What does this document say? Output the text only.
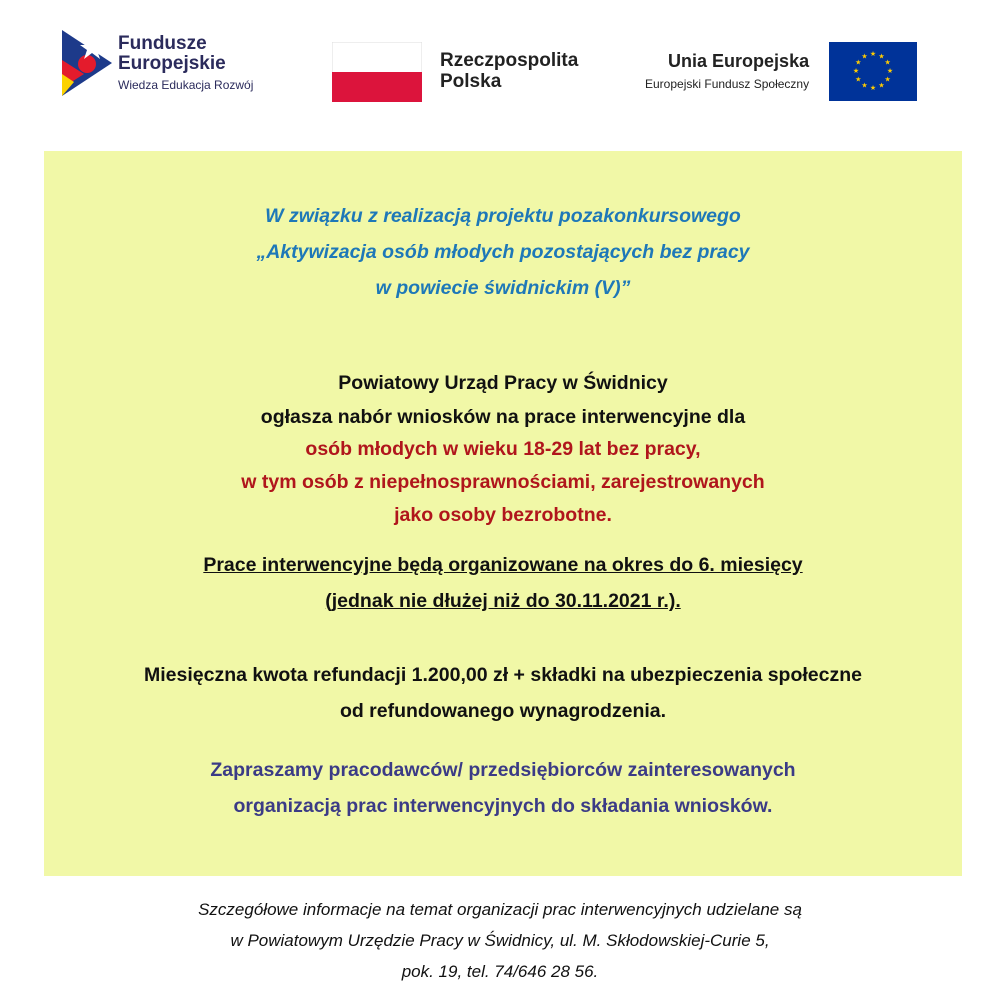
Fundusze
Europejskie
Wiedza Edukacja Rozwój
Rzeczpospolita
Polska
Unia Europejska
Europejski Fundusz Społeczny
★ ★
★
★
★
★
★
★
★
★
★
★
W związku z realizacją projektu pozakonkursowego
„Aktywizacja osób młodych pozostających bez pracy
w powiecie świdnickim (V)”
Powiatowy Urząd Pracy w Świdnicy
ogłasza nabór wniosków na prace interwencyjne dla
osób młodych w wieku 18-29 lat bez pracy,
w tym osób z niepełnosprawnościami, zarejestrowanych
jako osoby bezrobotne.
Prace interwencyjne będą organizowane na okres do 6. miesięcy
(jednak nie dłużej niż do 30.11.2021 r.).
Miesięczna kwota refundacji 1.200,00 zł + składki na ubezpieczenia społeczne
od refundowanego wynagrodzenia.
Zapraszamy pracodawców/ przedsiębiorców zainteresowanych
organizacją prac interwencyjnych do składania wniosków.
Szczegółowe informacje na temat organizacji prac interwencyjnych udzielane są
w Powiatowym Urzędzie Pracy w Świdnicy, ul. M. Skłodowskiej-Curie 5,
pok. 19, tel. 74/646 28 56.
